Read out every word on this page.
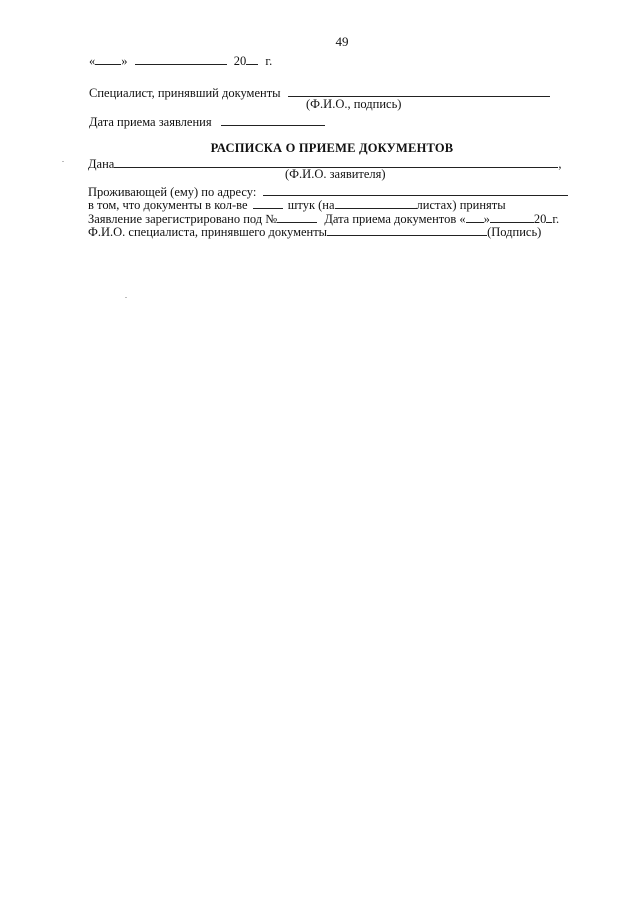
49
« »	20 г.
Специалист, принявший документы
(Ф.И.О., подпись)
Дата приема заявления
РАСПИСКА О ПРИЕМЕ ДОКУМЕНТОВ
Дана	,
(Ф.И.О. заявителя)
Проживающей (ему) по адресу:
в том, что документы в кол-ве	штук (на	листах) приняты
Заявление зарегистрировано под №	Дата приема документов « »	20 г.
Ф.И.О. специалиста, принявшего документы	(Подпись)
